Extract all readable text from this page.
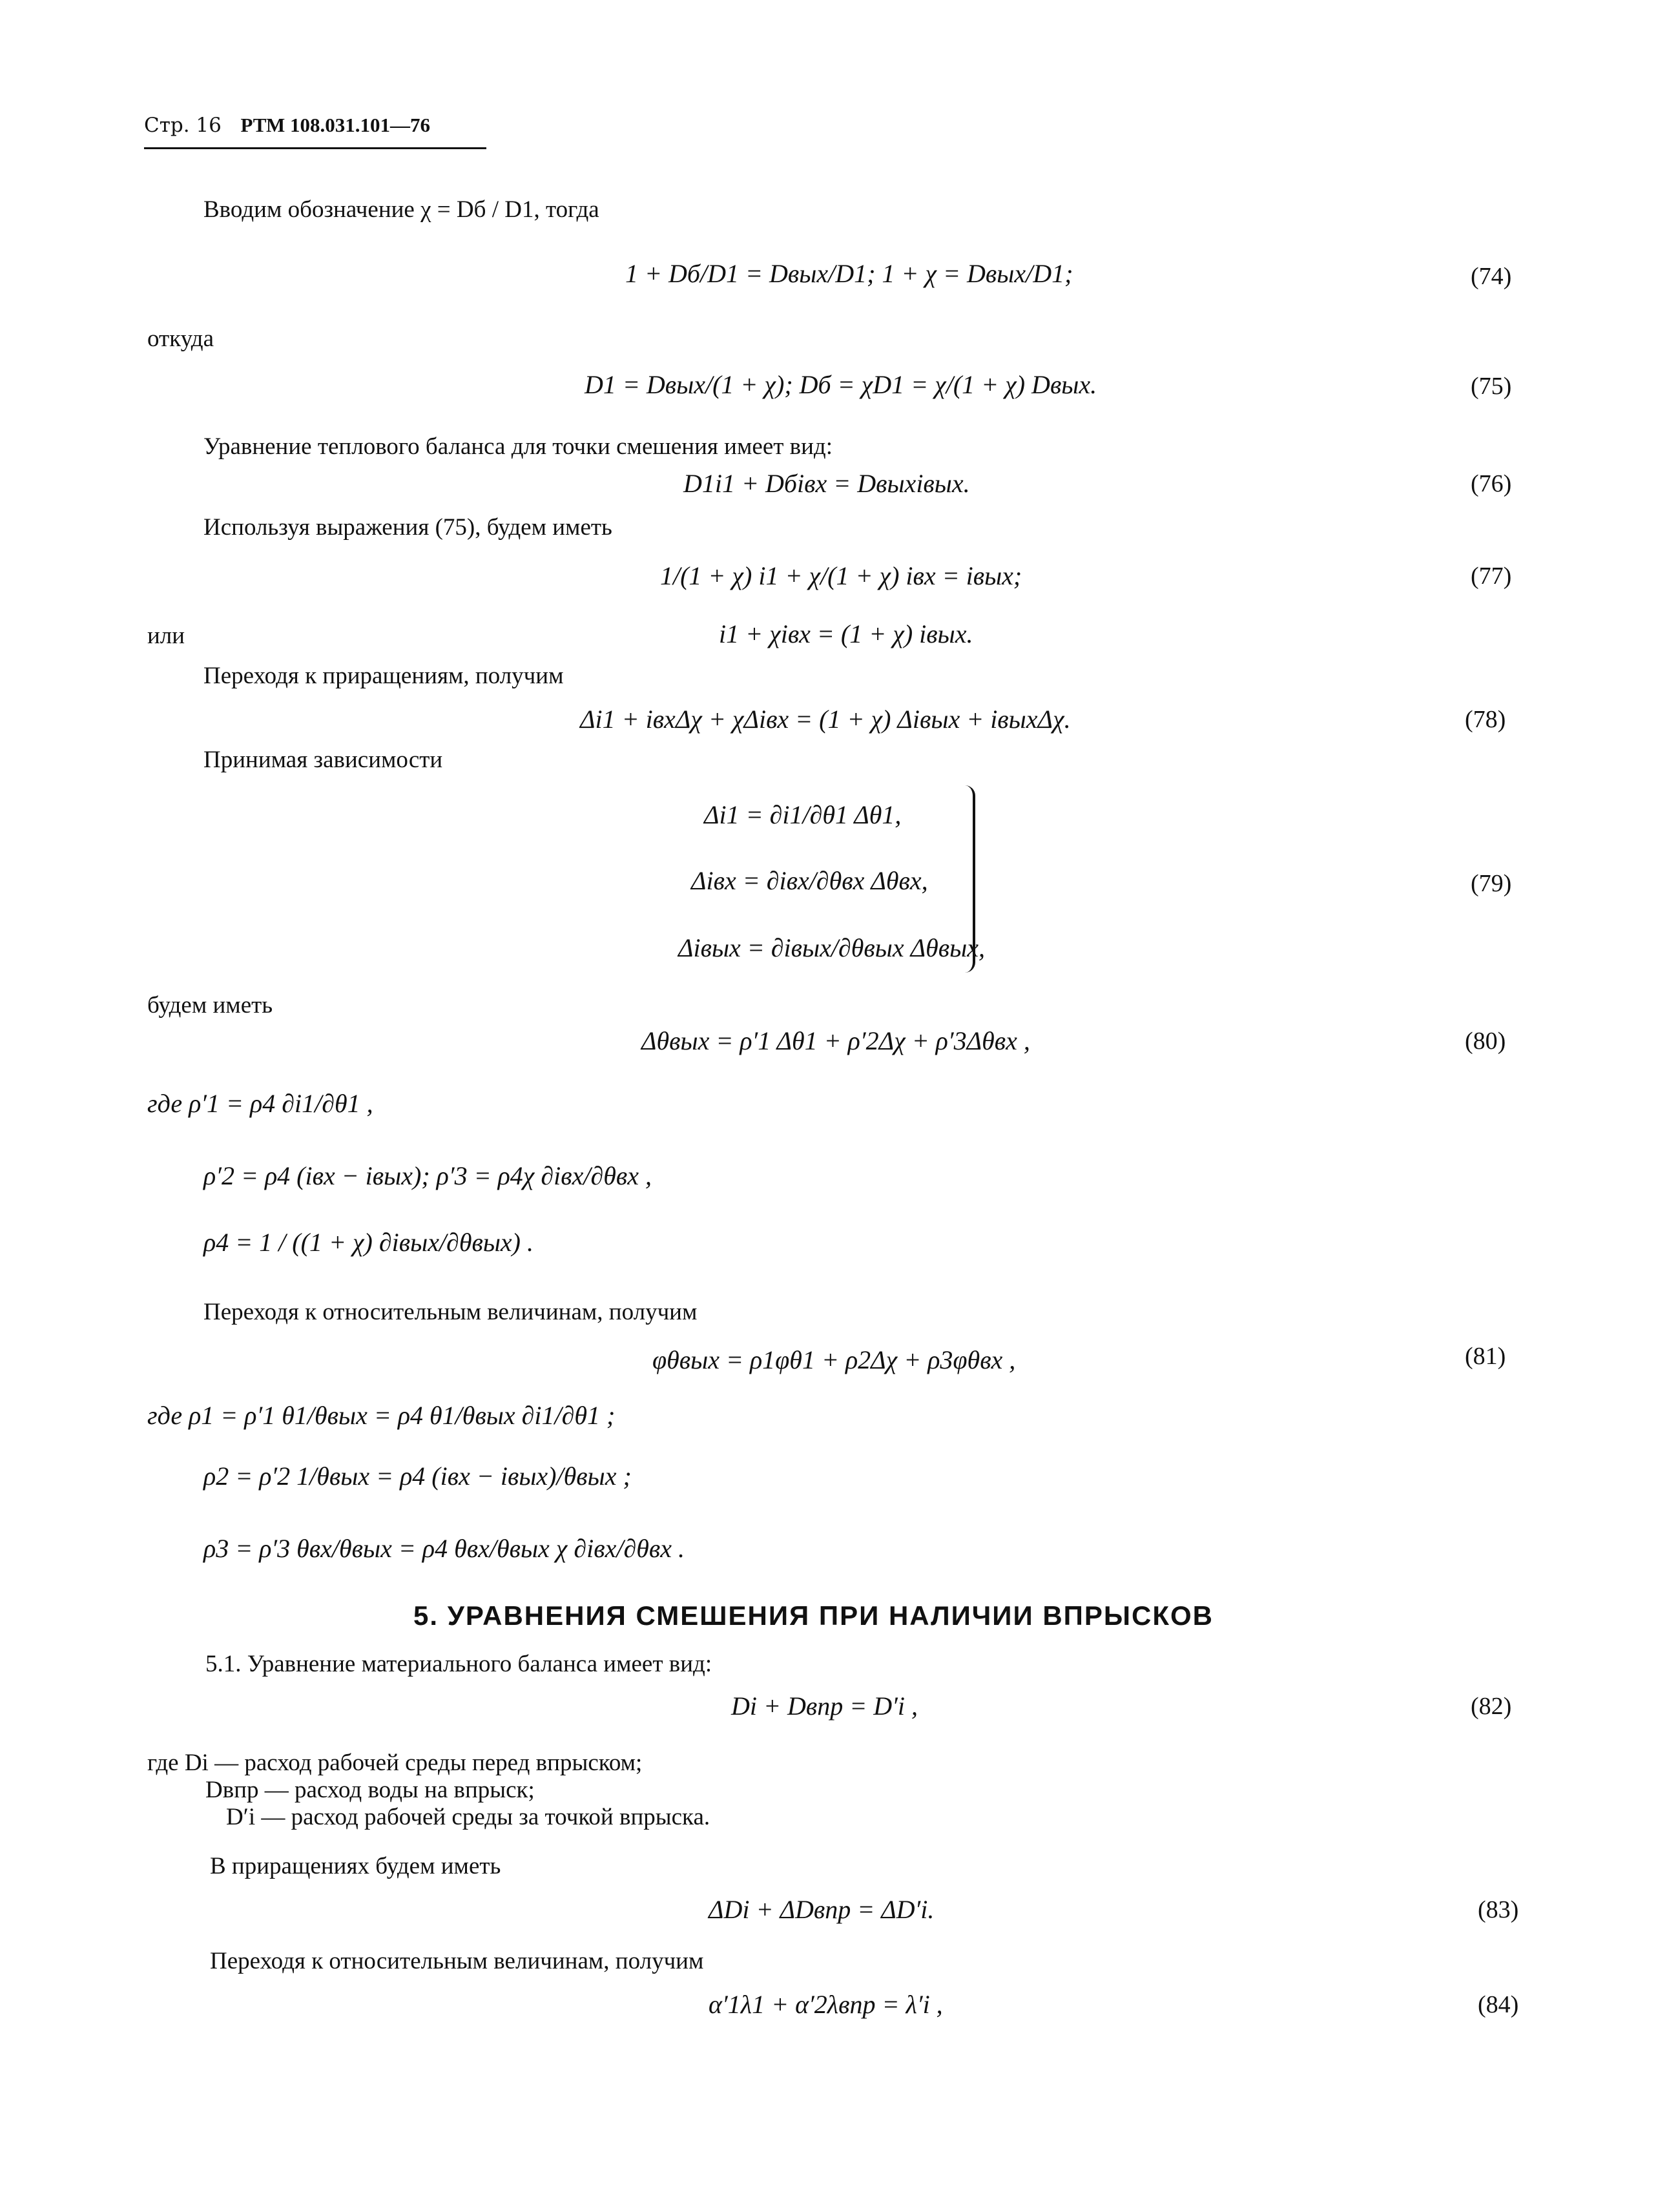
Стр. 16 РТМ 108.031.101—76
Вводим обозначение χ = Dб / D1, тогда
1 + Dб/D1 = Dвых/D1; 1 + χ = Dвых/D1;	(74)
откуда
D1 = Dвых/(1 + χ); Dб = χD1 = χ/(1 + χ) Dвых.	(75)
Уравнение теплового баланса для точки смешения имеет вид:
D1i1 + Dбiвх = Dвыхiвых.	(76)
Используя выражения (75), будем иметь
1/(1 + χ) i1 + χ/(1 + χ) iвх = iвых;	(77)
или	i1 + χiвх = (1 + χ) iвых.
Переходя к приращениям, получим
Δi1 + iвхΔχ + χΔiвх = (1 + χ) Δiвых + iвыхΔχ.	(78)
Принимая зависимости
Δi1 = ∂i1/∂θ1 Δθ1,
Δiвх = ∂iвх/∂θвх Δθвх,
Δiвых = ∂iвых/∂θвых Δθвых,
(79)
будем иметь
Δθвых = ρ′1 Δθ1 + ρ′2Δχ + ρ′3Δθвх ,	(80)
где ρ′1 = ρ4 ∂i1/∂θ1 ,
ρ′2 = ρ4 (iвх − iвых); ρ′3 = ρ4χ ∂iвх/∂θвх ,
ρ4 = 1 / ((1 + χ) ∂iвых/∂θвых) .
Переходя к относительным величинам, получим
φθвых = ρ1φθ1 + ρ2Δχ + ρ3φθвх ,	(81)
где ρ1 = ρ′1 θ1/θвых = ρ4 θ1/θвых ∂i1/∂θ1 ;
ρ2 = ρ′2 1/θвых = ρ4 (iвх − iвых)/θвых ;
ρ3 = ρ′3 θвх/θвых = ρ4 θвх/θвых χ ∂iвх/∂θвх .
5. УРАВНЕНИЯ СМЕШЕНИЯ ПРИ НАЛИЧИИ ВПРЫСКОВ
5.1. Уравнение материального баланса имеет вид:
Di + Dвпр = D′i ,	(82)
где Di — расход рабочей среды перед впрыском;
Dвпр — расход воды на впрыск;
D′i — расход рабочей среды за точкой впрыска.
В приращениях будем иметь
ΔDi + ΔDвпр = ΔD′i.	(83)
Переходя к относительным величинам, получим
α′1λ1 + α′2λвпр = λ′i ,	(84)
